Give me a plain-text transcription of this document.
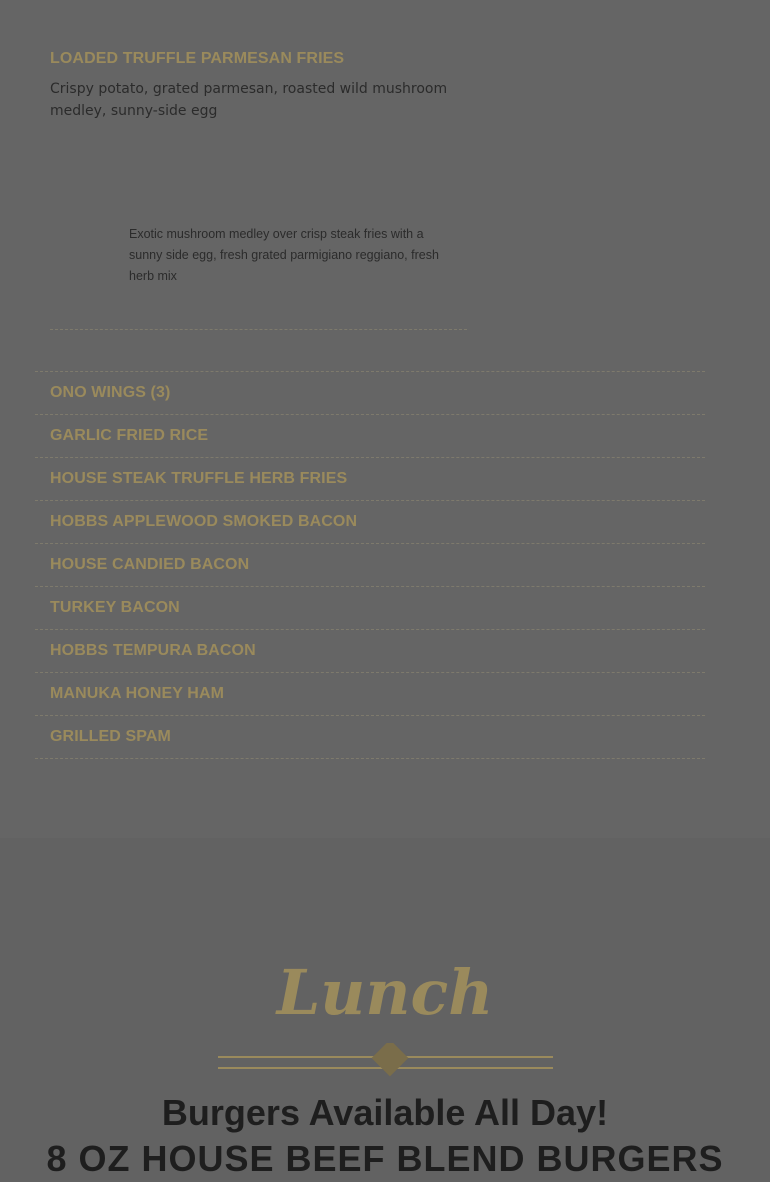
LOADED TRUFFLE PARMESAN FRIES

Crispy potato, grated parmesan, roasted wild mushroom medley, sunny-side egg

Exotic mushroom medley over crisp steak fries with a sunny side egg, fresh grated parmigiano reggiano, fresh herb mix

ONO WINGS (3)
GARLIC FRIED RICE
HOUSE STEAK TRUFFLE HERB FRIES
HOBBS APPLEWOOD SMOKED BACON
HOUSE CANDIED BACON
TURKEY BACON
HOBBS TEMPURA BACON
MANUKA HONEY HAM
GRILLED SPAM
Lunch
Burgers Available All Day!
8 OZ HOUSE BEEF BLEND BURGERS
